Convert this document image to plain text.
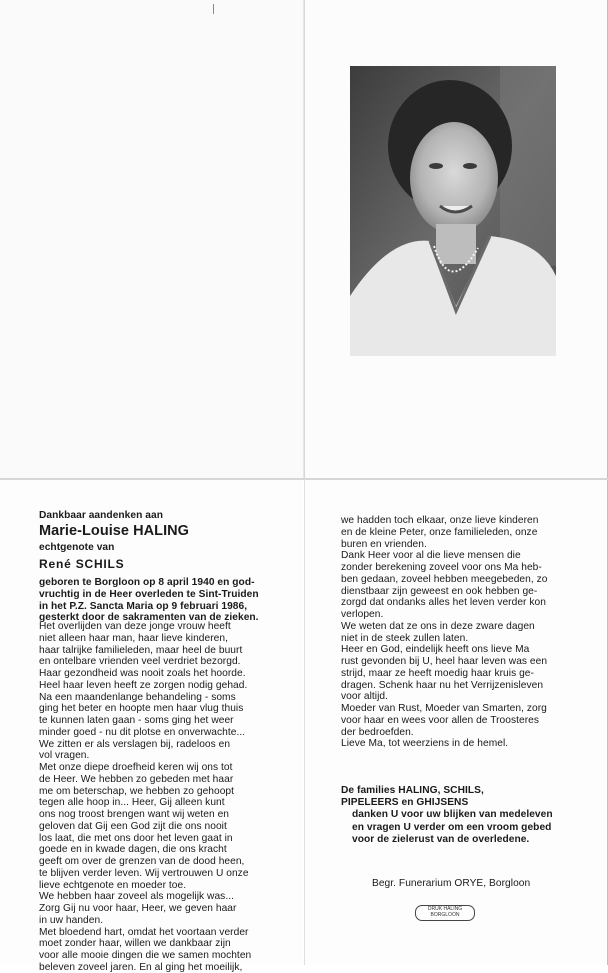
Dankbaar aandenken aan
Marie-Louise HALING
echtgenote van
René SCHILS
geboren te Borgloon op 8 april 1940 en god-
vruchtig in de Heer overleden te Sint-Truiden
in het P.Z. Sancta Maria op 9 februari 1986,
gesterkt door de sakramenten van de zieken.
Het overlijden van deze jonge vrouw heeft
niet alleen haar man, haar lieve kinderen,
haar talrijke familieleden, maar heel de buurt
en ontelbare vrienden veel verdriet bezorgd.
Haar gezondheid was nooit zoals het hoorde.
Heel haar leven heeft ze zorgen nodig gehad.
Na een maandenlange behandeling - soms
ging het beter en hoopte men haar vlug thuis
te kunnen laten gaan - soms ging het weer
minder goed - nu dit plotse en onverwachte...
We zitten er als verslagen bij, radeloos en
vol vragen.
Met onze diepe droefheid keren wij ons tot
de Heer. We hebben zo gebeden met haar
me om beterschap, we hebben zo gehoopt
tegen alle hoop in... Heer, Gij alleen kunt
ons nog troost brengen want wij weten en
geloven dat Gij een God zijt die ons nooit
los laat, die met ons door het leven gaat in
goede en in kwade dagen, die ons kracht
geeft om over de grenzen van de dood heen,
te blijven verder leven. Wij vertrouwen U onze
lieve echtgenote en moeder toe.
We hebben haar zoveel als mogelijk was...
Zorg Gij nu voor haar, Heer, we geven haar
in uw handen.
Met bloedend hart, omdat het voortaan verder
moet zonder haar, willen we dankbaar zijn
voor alle mooie dingen die we samen mochten
beleven zoveel jaren. En al ging het moeilijk,
we hadden toch elkaar, onze lieve kinderen
en de kleine Peter, onze familieleden, onze
buren en vrienden.
Dank Heer voor al die lieve mensen die
zonder berekening zoveel voor ons Ma heb-
ben gedaan, zoveel hebben meegebeden, zo
dienstbaar zijn geweest en ook hebben ge-
zorgd dat ondanks alles het leven verder kon
verlopen.
We weten dat ze ons in deze zware dagen
niet in de steek zullen laten.
Heer en God, eindelijk heeft ons lieve Ma
rust gevonden bij U, heel haar leven was een
strijd, maar ze heeft moedig haar kruis ge-
dragen. Schenk haar nu het Verrijzenisleven
voor altijd.
Moeder van Rust, Moeder van Smarten, zorg
voor haar en wees voor allen de Troosteres
der bedroefden.
Lieve Ma, tot weerziens in de hemel.
De families HALING, SCHILS,
PIPELEERS en GHIJSENS
danken U voor uw blijken van medeleven
en vragen U verder om een vroom gebed
voor de zielerust van de overledene.
Begr. Funerarium ORYE, Borgloon
DRUK HALING
BORGLOON
